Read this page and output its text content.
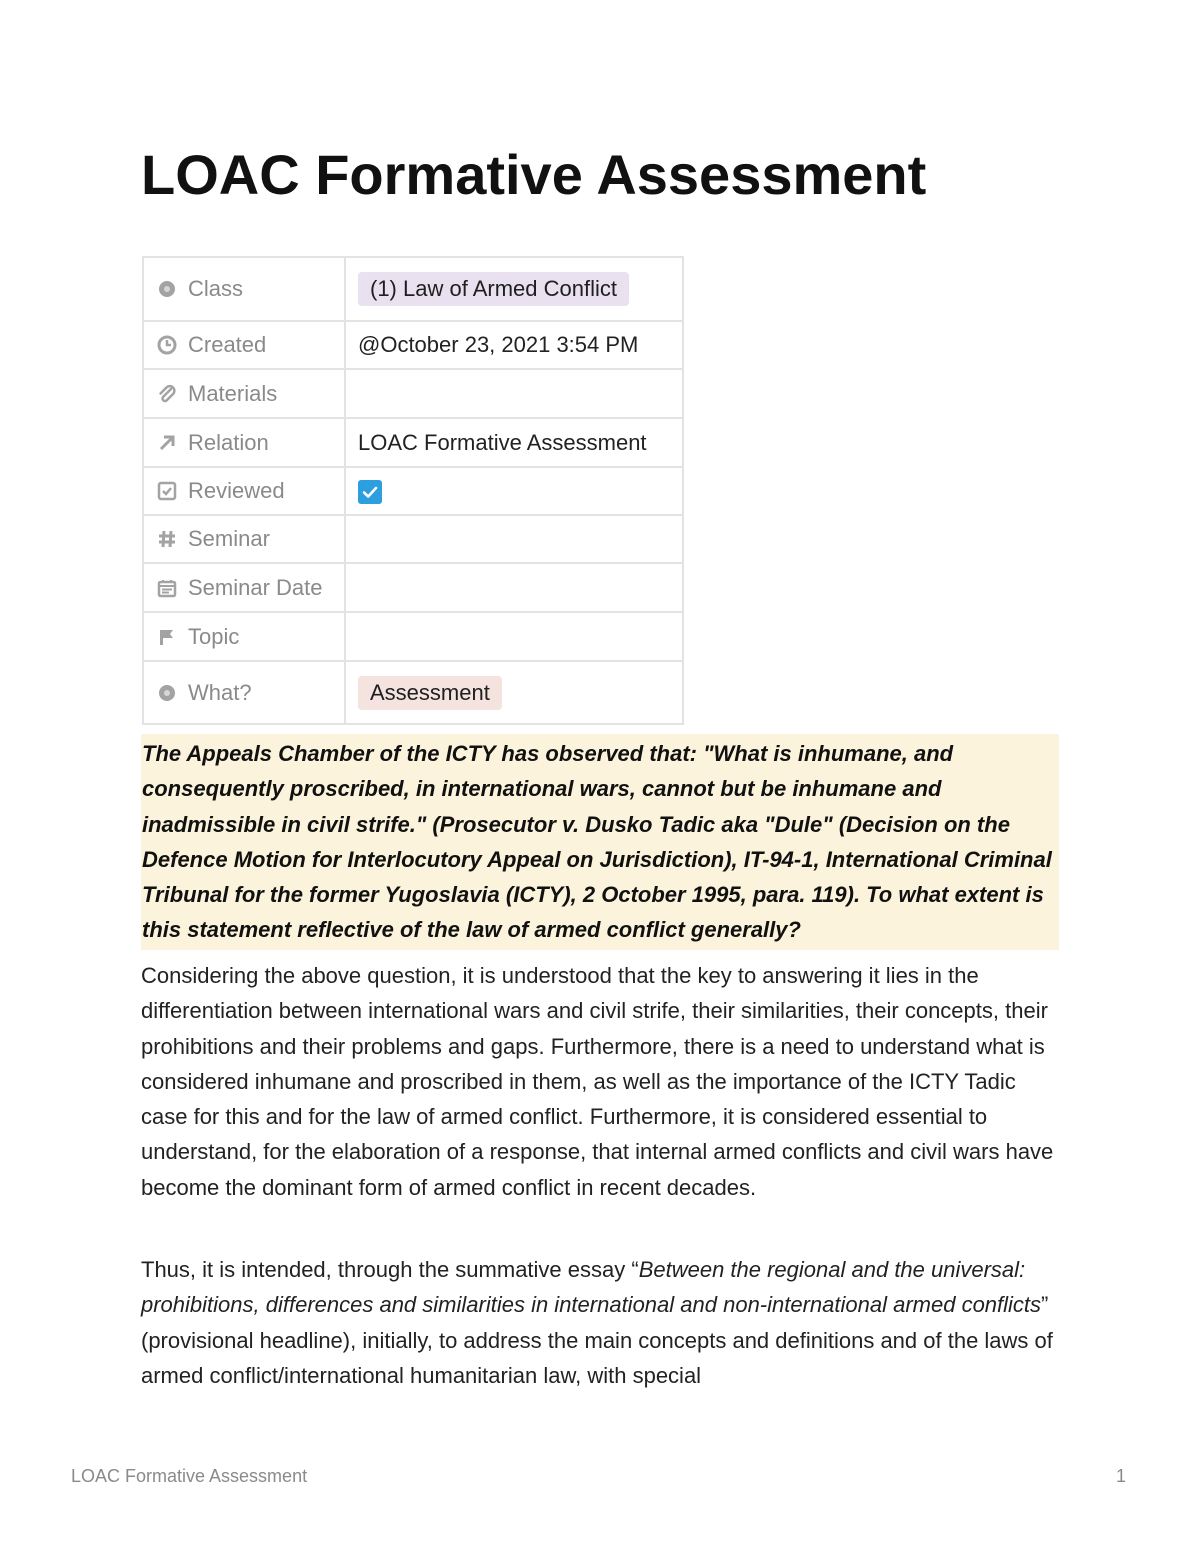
LOAC Formative Assessment
Class	(1) Law of Armed Conflict

Created	@October 23, 2021 3:54 PM

Materials	

Relation	LOAC Formative Assessment

Reviewed

Seminar	

Seminar Date	

Topic	

What?	Assessment

The Appeals Chamber of the ICTY has observed that: "What is inhumane, and consequently proscribed, in international wars, cannot but be inhumane and inadmissible in civil strife." (Prosecutor v. Dusko Tadic aka "Dule" (Decision on the Defence Motion for Interlocutory Appeal on Jurisdiction), IT-94-1, International Criminal Tribunal for the former Yugoslavia (ICTY), 2 October 1995, para. 119). To what extent is this statement reflective of the law of armed conflict generally?

Considering the above question, it is understood that the key to answering it lies in the differentiation between international wars and civil strife, their similarities, their concepts, their prohibitions and their problems and gaps. Furthermore, there is a need to understand what is considered inhumane and proscribed in them, as well as the importance of the ICTY Tadic case for this and for the law of armed conflict. Furthermore, it is considered essential to understand, for the elaboration of a response, that internal armed conflicts and civil wars have become the dominant form of armed conflict in recent decades.

Thus, it is intended, through the summative essay “Between the regional and the universal: prohibitions, differences and similarities in international and non-international armed conflicts” (provisional headline), initially, to address the main concepts and definitions and of the laws of armed conflict/international humanitarian law, with special

LOAC Formative Assessment	1
